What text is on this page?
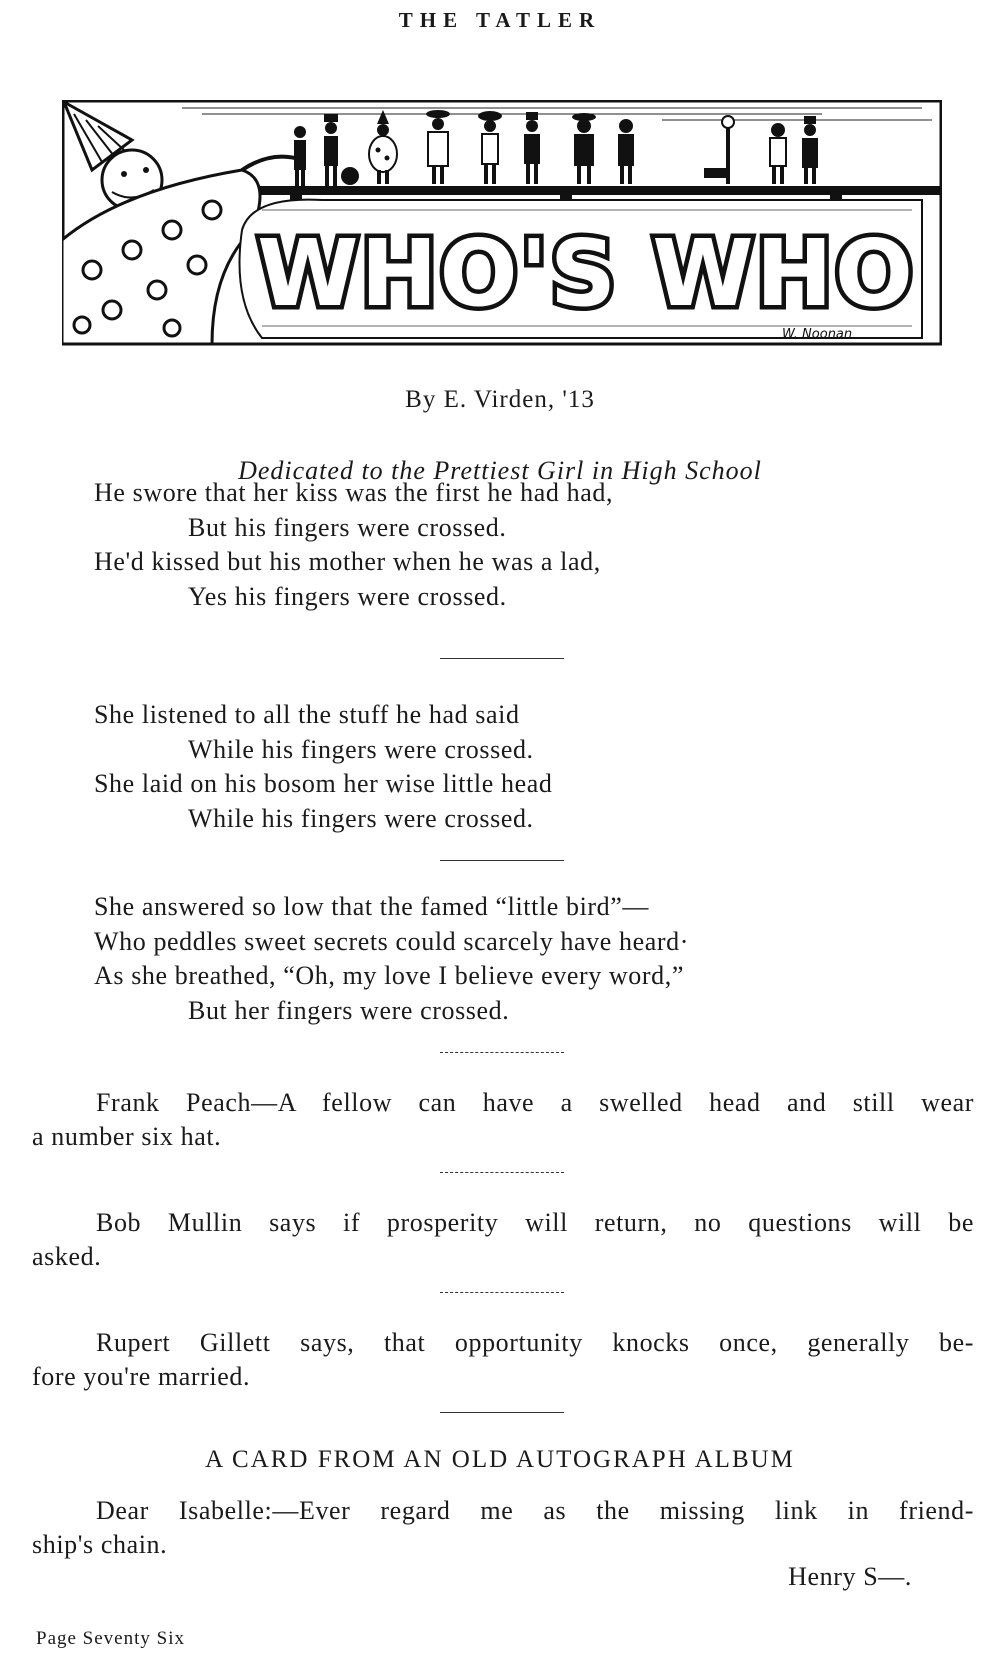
THE TATLER
WHO'S WHO
W. Noonan
By E. Virden, '13
Dedicated to the Prettiest Girl in High School
He swore that her kiss was the first he had had,
But his fingers were crossed.
He'd kissed but his mother when he was a lad,
Yes his fingers were crossed.
She listened to all the stuff he had said
While his fingers were crossed.
She laid on his bosom her wise little head
While his fingers were crossed.
She answered so low that the famed “little bird”—
Who peddles sweet secrets could scarcely have heard·
As she breathed, “Oh, my love I believe every word,”
But her fingers were crossed.
Frank Peach—A fellow can have a swelled head and still wear
a number six hat.
Bob Mullin says if prosperity will return, no questions will be
asked.
Rupert Gillett says, that opportunity knocks once, generally be-
fore you're married.
A CARD FROM AN OLD AUTOGRAPH ALBUM
Dear Isabelle:—Ever regard me as the missing link in friend-
ship's chain.
Henry S—.
Page Seventy Six
